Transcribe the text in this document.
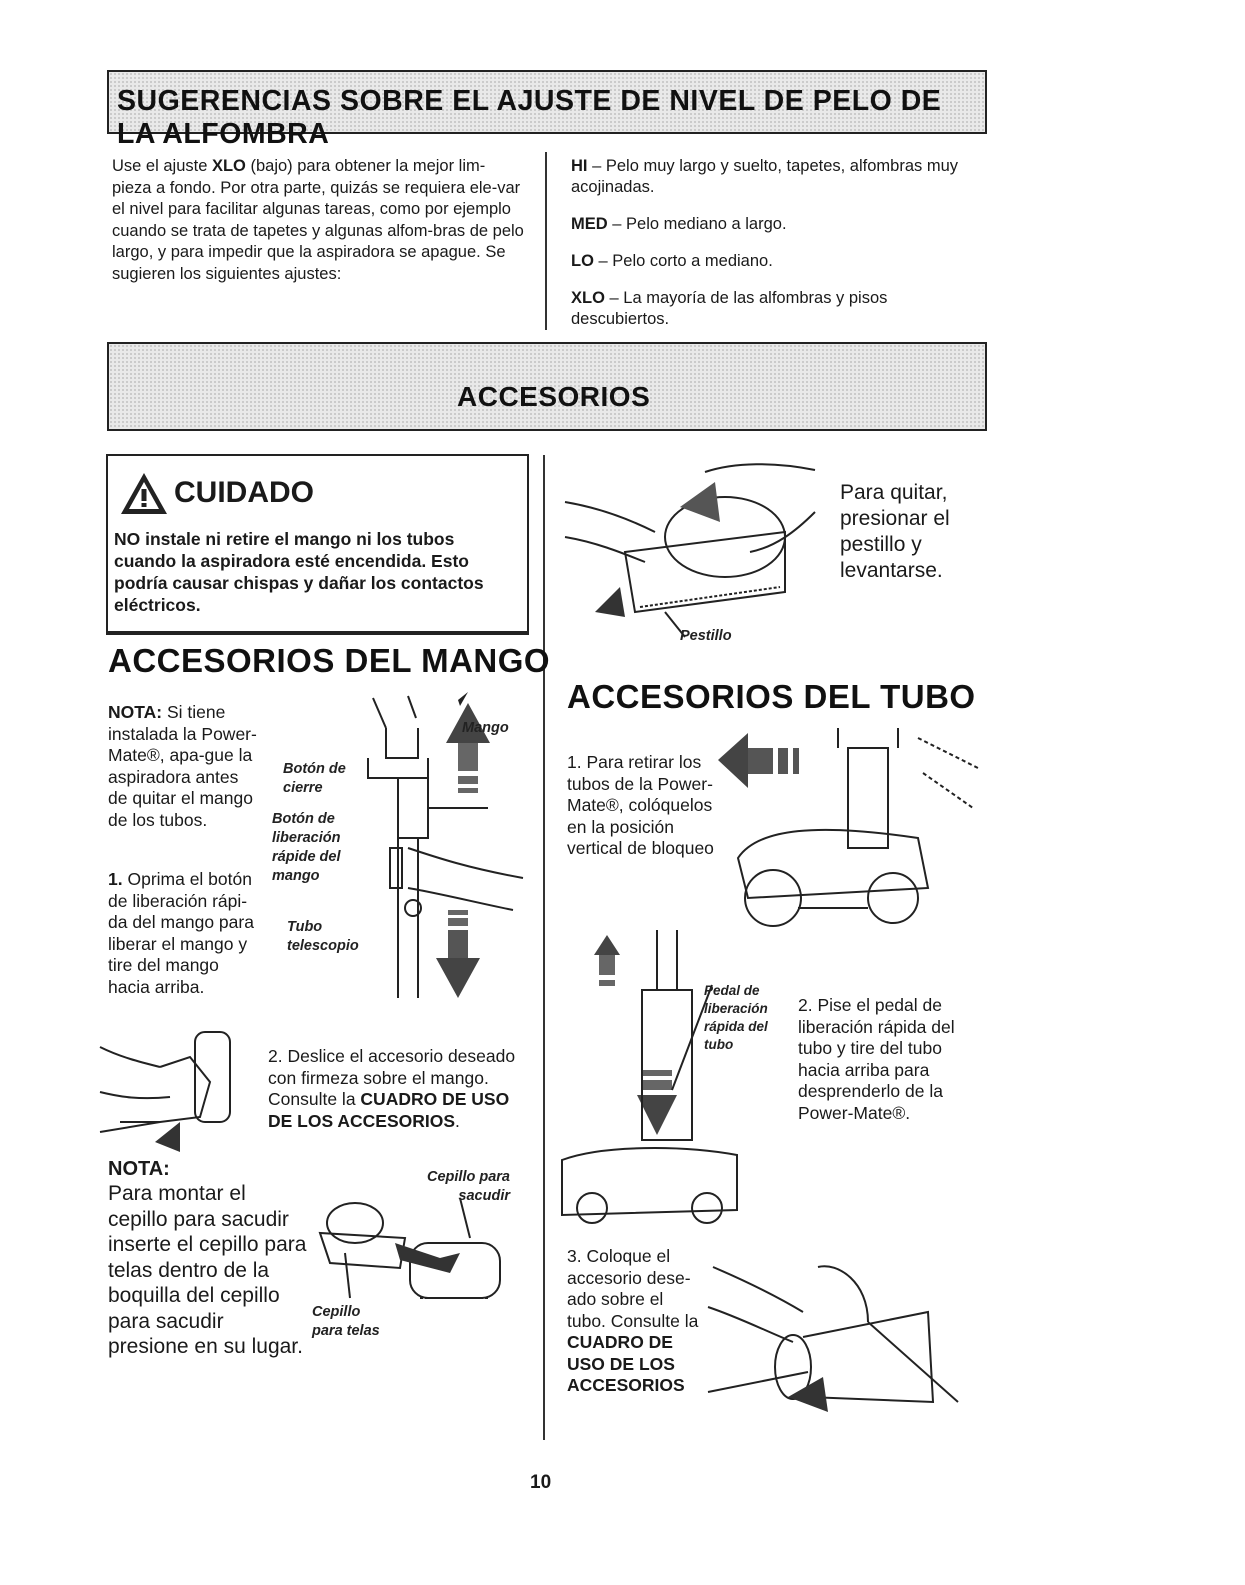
SUGERENCIAS SOBRE EL AJUSTE DE NIVEL DE PELO DE LA ALFOMBRA
Use el ajuste XLO (bajo) para obtener la mejor lim-pieza a fondo. Por otra parte, quizás se requiera ele-var el nivel para facilitar algunas tareas, como por ejemplo cuando se trata de tapetes y algunas alfom-bras de pelo largo, y para impedir que la aspiradora se apague. Se sugieren los siguientes ajustes:

HI – Pelo muy largo y suelto, tapetes, alfombras muy acojinadas.

MED – Pelo mediano a largo.

LO – Pelo corto a mediano.

XLO – La mayoría de las alfombras y pisos descubiertos.

ACCESORIOS
CUIDADO
NO instale ni retire el mango ni los tubos cuando la aspiradora esté encendida. Esto podría causar chispas y dañar los contactos eléctricos.
ACCESORIOS DEL MANGO
NOTA: Si tiene instalada la Power-Mate®, apa-gue la aspiradora antes de quitar el mango de los tubos.
1. Oprima el botón de liberación rápi-da del mango para liberar el mango y tire del mango hacia arriba.
Mango
Botón de cierre
Botón de liberación rápide del mango
Tubo telescopio
2. Deslice el accesorio deseado con firmeza sobre el mango. Consulte la CUADRO DE USO DE LOS ACCESORIOS.
NOTA:
Para montar el cepillo para sacudir inserte el cepillo para telas dentro de la boquilla del cepillo para sacudir presione en su lugar.
Cepillo para sacudir
Cepillo para telas
Para quitar, presionar el pestillo y levantarse.
Pestillo
ACCESORIOS DEL TUBO
1. Para retirar los tubos de la Power-Mate®, colóquelos en la posición vertical de bloqueo
Pedal de liberación rápida del tubo
2. Pise el pedal de liberación rápida del tubo y tire del tubo hacia arriba para desprenderlo de la Power-Mate®.
3. Coloque el accesorio dese-ado sobre el tubo. Consulte la CUADRO DE USO DE LOS ACCESORIOS
10
